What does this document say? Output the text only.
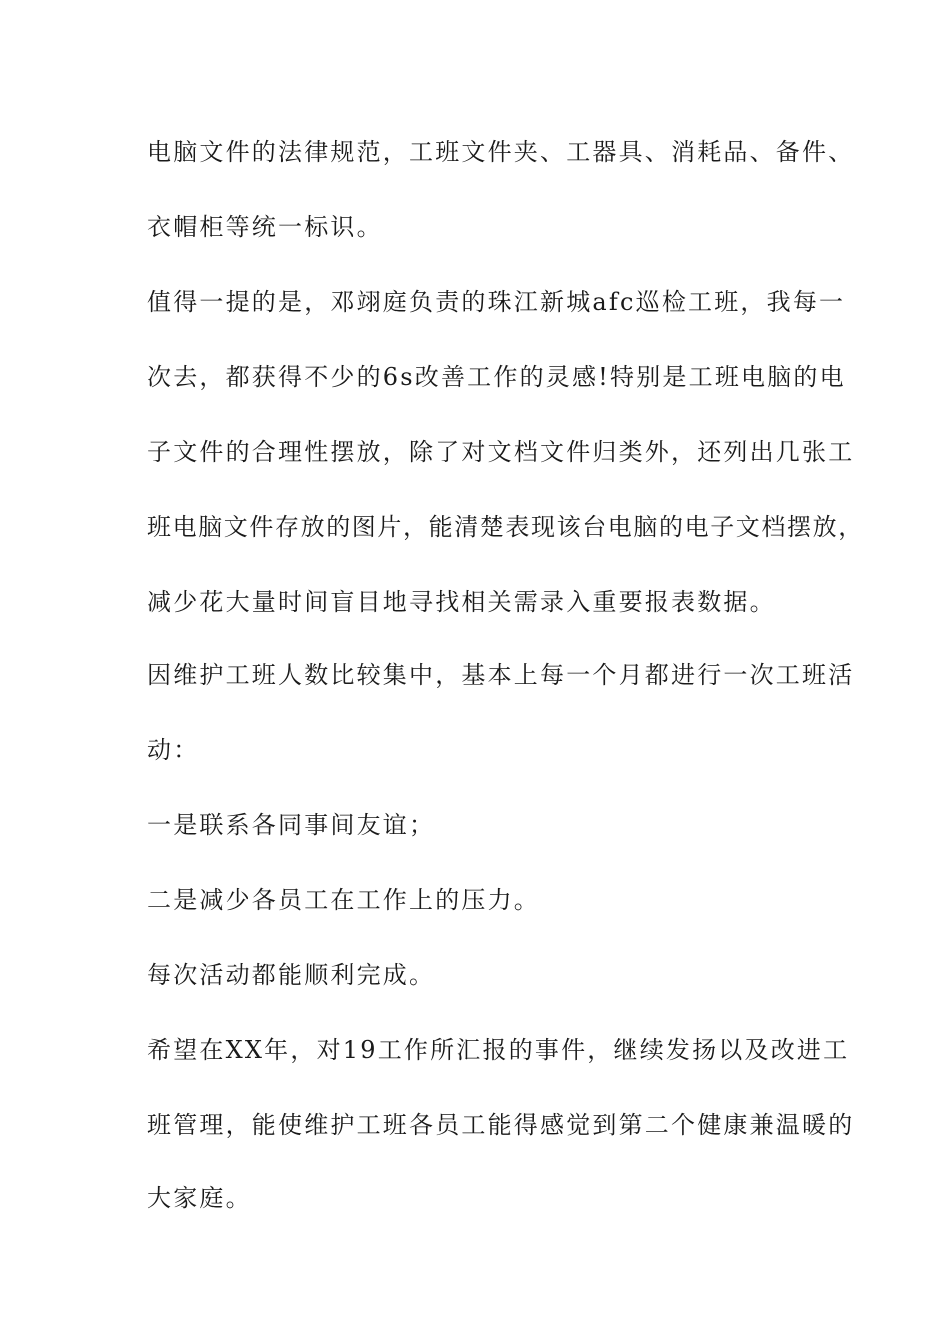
电脑文件的法律规范，工班文件夹、工器具、消耗品、备件、
衣帽柜等统一标识。
值得一提的是，邓翊庭负责的珠江新城afc巡检工班，我每一
次去，都获得不少的6s改善工作的灵感!特别是工班电脑的电
子文件的合理性摆放，除了对文档文件归类外，还列出几张工
班电脑文件存放的图片，能清楚表现该台电脑的电子文档摆放，
减少花大量时间盲目地寻找相关需录入重要报表数据。
因维护工班人数比较集中，基本上每一个月都进行一次工班活
动：
一是联系各同事间友谊；
二是减少各员工在工作上的压力。
每次活动都能顺利完成。
希望在XX年，对19工作所汇报的事件，继续发扬以及改进工
班管理，能使维护工班各员工能得感觉到第二个健康兼温暖的
大家庭。
